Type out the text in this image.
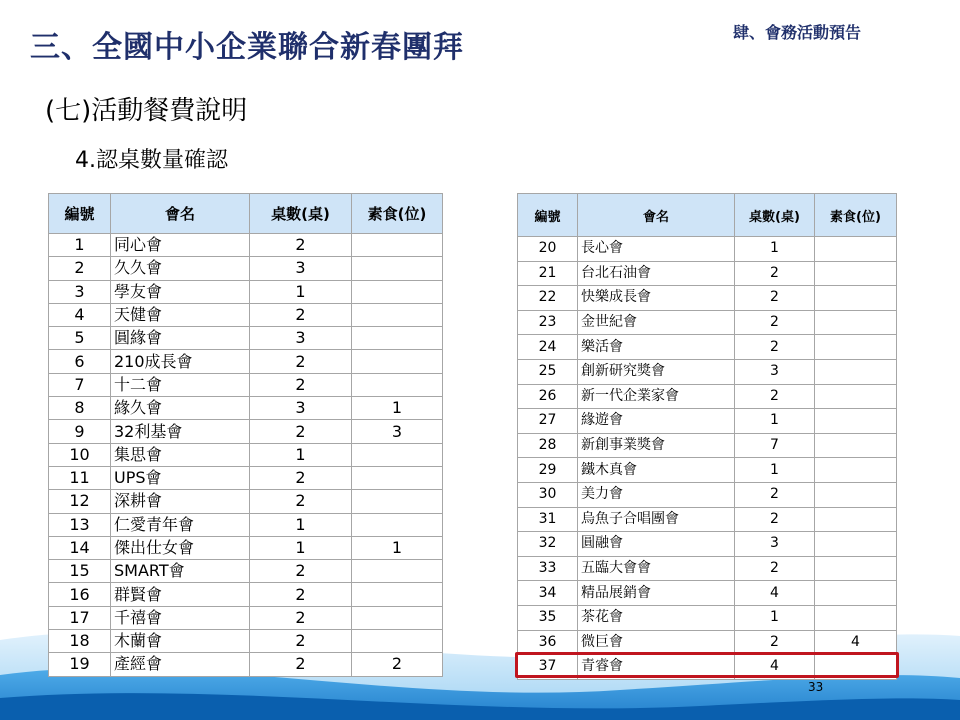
三、全國中小企業聯合新春團拜	肆、會務活動預告
(七)活動餐費說明
4.認桌數量確認
編號	會名	桌數(桌)	素食(位)
1	同心會	2	
2	久久會	3	
3	學友會	1	
4	天健會	2	
5	圓緣會	3	
6	210成長會	2	
7	十二會	2	
8	緣久會	3	1
9	32利基會	2	3
10	集思會	1	
11	UPS會	2	
12	深耕會	2	
13	仁愛青年會	1	
14	傑出仕女會	1	1
15	SMART會	2	
16	群賢會	2	
17	千禧會	2	
18	木蘭會	2	
19	產經會	2	2
編號	會名	桌數(桌)	素食(位)
20	長心會	1	
21	台北石油會	2	
22	快樂成長會	2	
23	金世紀會	2	
24	樂活會	2	
25	創新研究獎會	3	
26	新一代企業家會	2	
27	緣遊會	1	
28	新創事業獎會	7	
29	鐵木真會	1	
30	美力會	2	
31	烏魚子合唱團會	2	
32	圓融會	3	
33	五臨大會會	2	
34	精品展銷會	4	
35	茶花會	1	
36	微巨會	2	4
37	青睿會	4	
33
